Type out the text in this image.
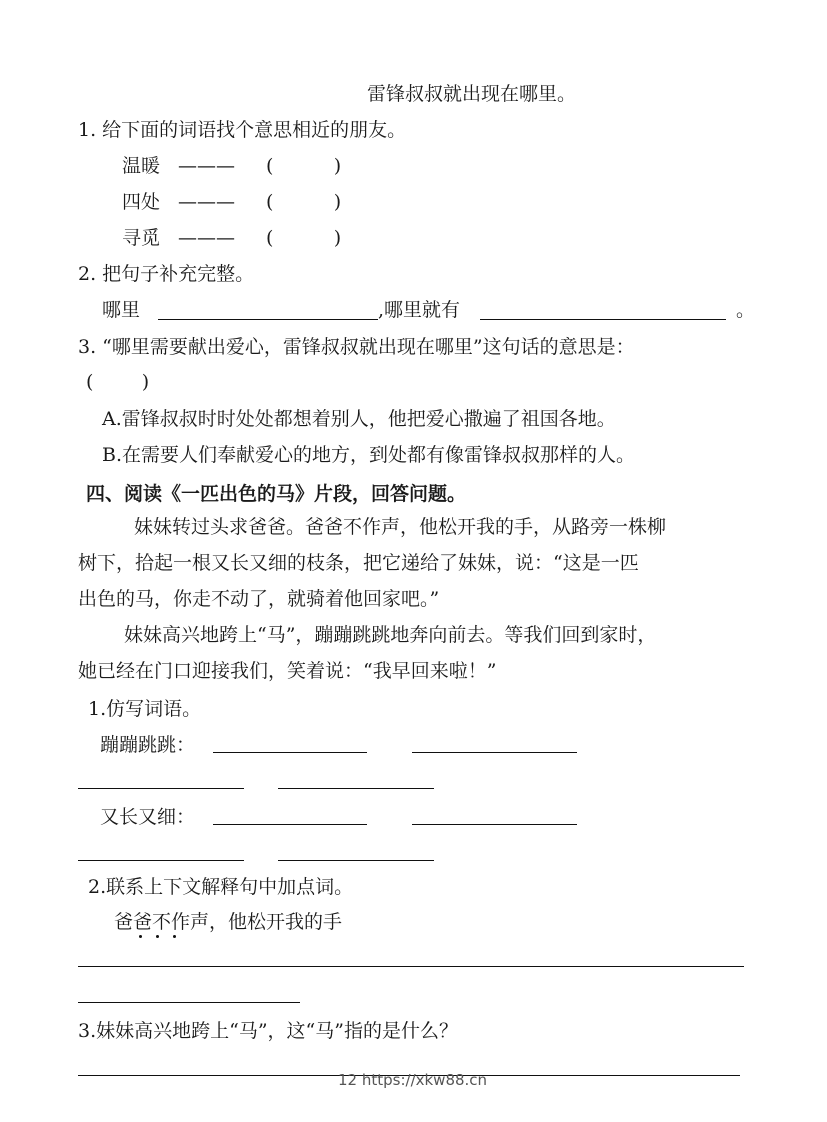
雷锋叔叔就出现在哪里。
1. 给下面的词语找个意思相近的朋友。
温暖 ——— (          )
四处 ——— (          )
寻觅 ——— (          )
2. 把句子补充完整。
哪里	,哪里就有	。
3. “哪里需要献出爱心，雷锋叔叔就出现在哪里”这句话的意思是：
(        )
A.雷锋叔叔时时处处都想着别人，他把爱心撒遍了祖国各地。
B.在需要人们奉献爱心的地方，到处都有像雷锋叔叔那样的人。
四、阅读《一匹出色的马》片段，回答问题。
妹妹转过头求爸爸。爸爸不作声，他松开我的手，从路旁一株柳
树下，拾起一根又长又细的枝条，把它递给了妹妹，说：“这是一匹
出色的马，你走不动了，就骑着他回家吧。”
妹妹高兴地跨上“马”，蹦蹦跳跳地奔向前去。等我们回到家时，
她已经在门口迎接我们，笑着说：“我早回来啦！”
1.仿写词语。
蹦蹦跳跳：
又长又细：
2.联系上下文解释句中加点词。
爸爸不作声，他松开我的手
3.妹妹高兴地跨上“马”，这“马”指的是什么？
12 https://xkw88.cn
